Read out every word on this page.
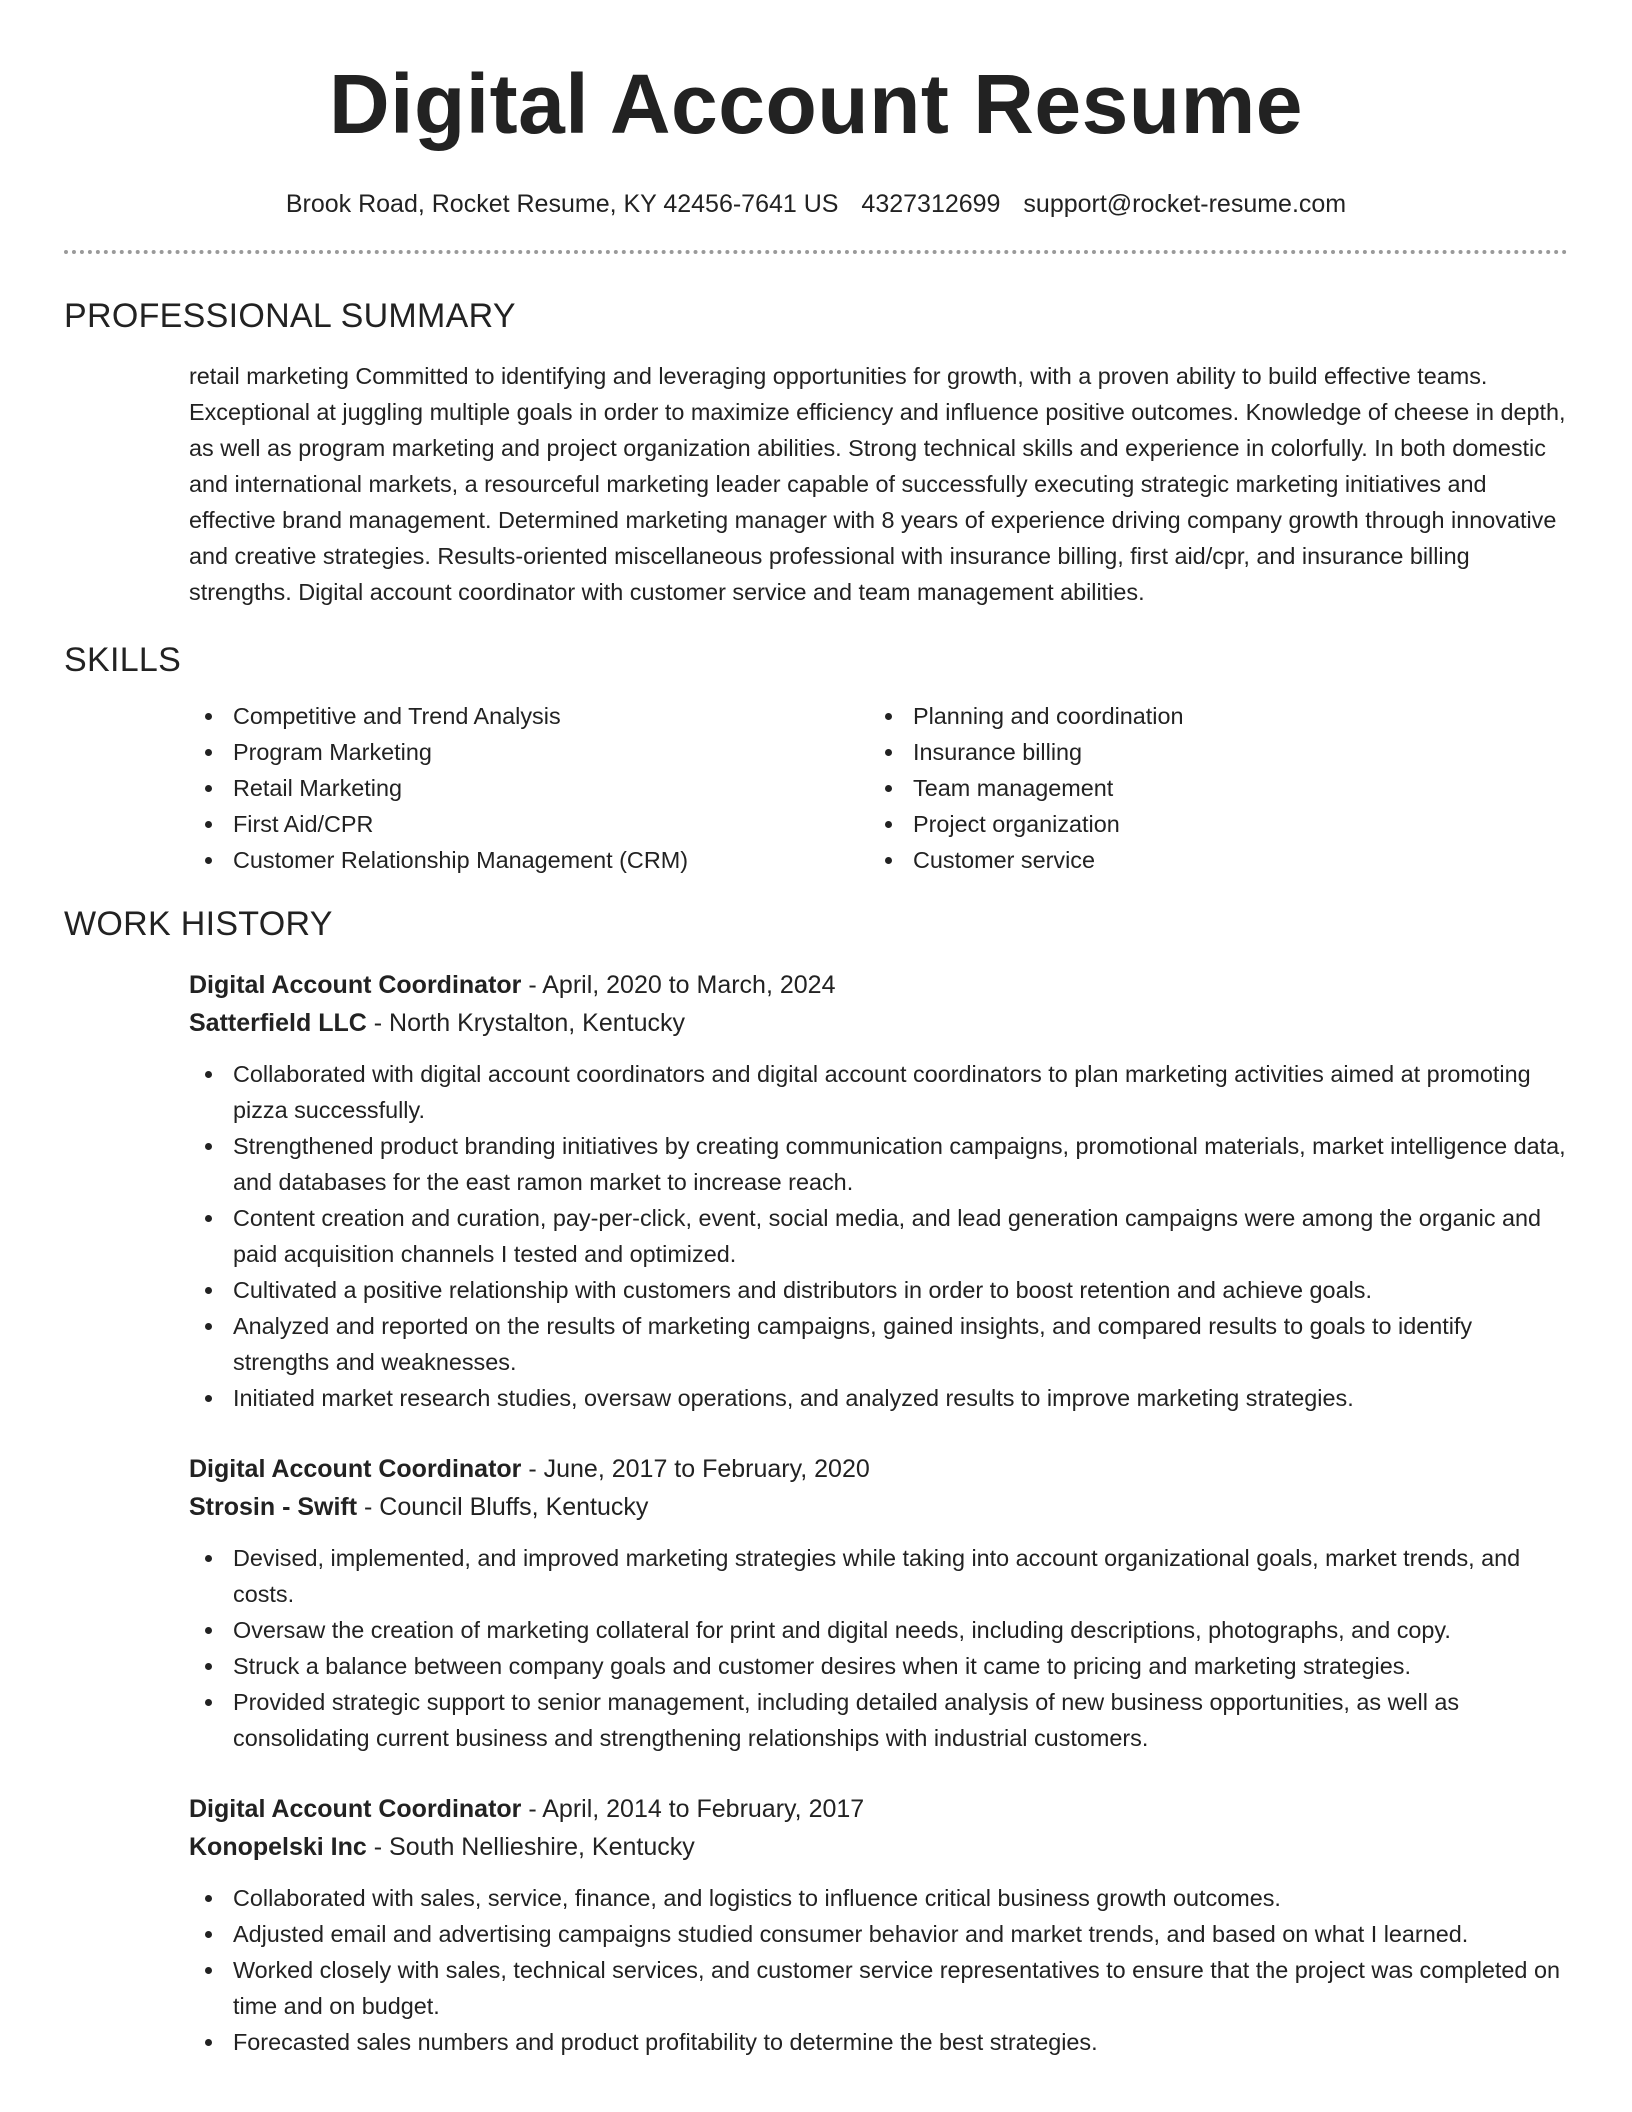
Digital Account Resume
Brook Road, Rocket Resume, KY 42456-7641 US 4327312699 support@rocket-resume.com
PROFESSIONAL SUMMARY

retail marketing Committed to identifying and leveraging opportunities for growth, with a proven ability to build effective teams. Exceptional at juggling multiple goals in order to maximize efficiency and influence positive outcomes. Knowledge of cheese in depth, as well as program marketing and project organization abilities. Strong technical skills and experience in colorfully. In both domestic and international markets, a resourceful marketing leader capable of successfully executing strategic marketing initiatives and effective brand management. Determined marketing manager with 8 years of experience driving company growth through innovative and creative strategies. Results-oriented miscellaneous professional with insurance billing, first aid/cpr, and insurance billing strengths. Digital account coordinator with customer service and team management abilities.

SKILLS
Competitive and Trend Analysis
Program Marketing
Retail Marketing
First Aid/CPR
Customer Relationship Management (CRM)
Planning and coordination
Insurance billing
Team management
Project organization
Customer service
WORK HISTORY
Digital Account Coordinator - April, 2020 to March, 2024
Satterfield LLC - North Krystalton, Kentucky
Collaborated with digital account coordinators and digital account coordinators to plan marketing activities aimed at promoting pizza successfully.
Strengthened product branding initiatives by creating communication campaigns, promotional materials, market intelligence data, and databases for the east ramon market to increase reach.
Content creation and curation, pay-per-click, event, social media, and lead generation campaigns were among the organic and paid acquisition channels I tested and optimized.
Cultivated a positive relationship with customers and distributors in order to boost retention and achieve goals.
Analyzed and reported on the results of marketing campaigns, gained insights, and compared results to goals to identify strengths and weaknesses.
Initiated market research studies, oversaw operations, and analyzed results to improve marketing strategies.
Digital Account Coordinator - June, 2017 to February, 2020
Strosin - Swift - Council Bluffs, Kentucky
Devised, implemented, and improved marketing strategies while taking into account organizational goals, market trends, and costs.
Oversaw the creation of marketing collateral for print and digital needs, including descriptions, photographs, and copy.
Struck a balance between company goals and customer desires when it came to pricing and marketing strategies.
Provided strategic support to senior management, including detailed analysis of new business opportunities, as well as consolidating current business and strengthening relationships with industrial customers.
Digital Account Coordinator - April, 2014 to February, 2017
Konopelski Inc - South Nellieshire, Kentucky
Collaborated with sales, service, finance, and logistics to influence critical business growth outcomes.
Adjusted email and advertising campaigns studied consumer behavior and market trends, and based on what I learned.
Worked closely with sales, technical services, and customer service representatives to ensure that the project was completed on time and on budget.
Forecasted sales numbers and product profitability to determine the best strategies.
